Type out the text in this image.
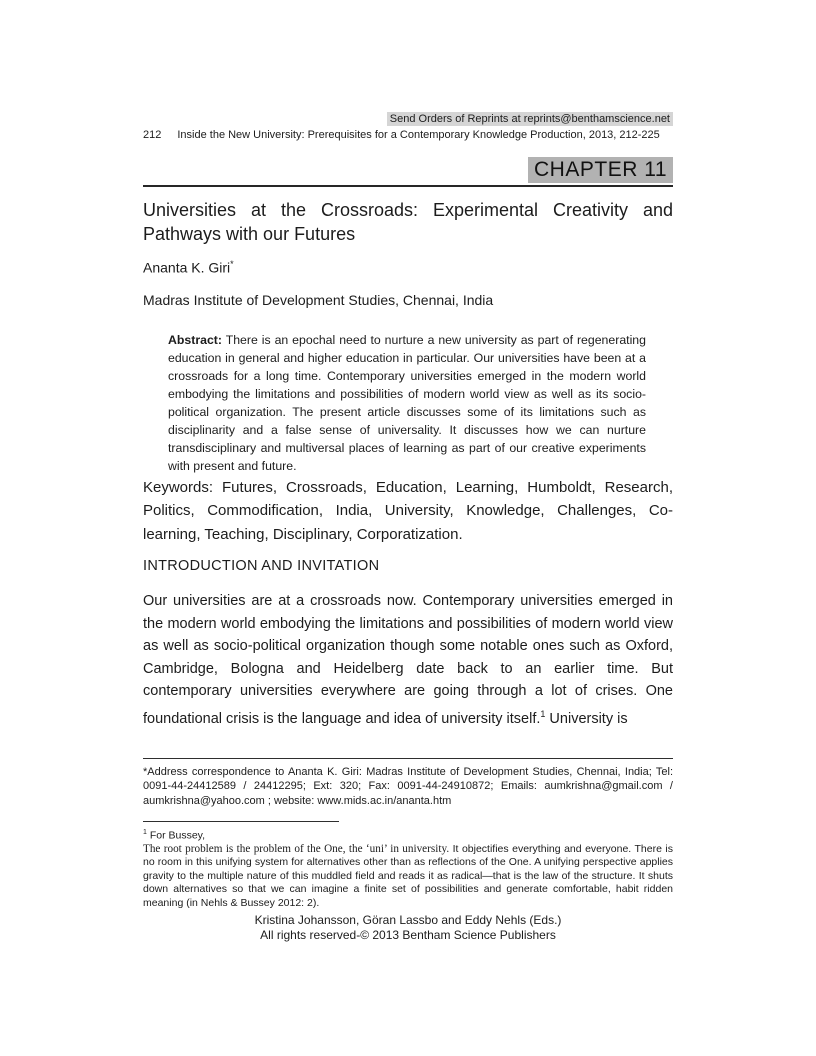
Send Orders of Reprints at reprints@benthamscience.net
212 Inside the New University: Prerequisites for a Contemporary Knowledge Production, 2013, 212-225
CHAPTER 11
Universities at the Crossroads: Experimental Creativity and Pathways with our Futures
Ananta K. Giri*
Madras Institute of Development Studies, Chennai, India
Abstract: There is an epochal need to nurture a new university as part of regenerating education in general and higher education in particular. Our universities have been at a crossroads for a long time. Contemporary universities emerged in the modern world embodying the limitations and possibilities of modern world view as well as its socio-political organization. The present article discusses some of its limitations such as disciplinarity and a false sense of universality. It discusses how we can nurture transdisciplinary and multiversal places of learning as part of our creative experiments with present and future.
Keywords: Futures, Crossroads, Education, Learning, Humboldt, Research, Politics, Commodification, India, University, Knowledge, Challenges, Co-learning, Teaching, Disciplinary, Corporatization.
INTRODUCTION AND INVITATION
Our universities are at a crossroads now. Contemporary universities emerged in the modern world embodying the limitations and possibilities of modern world view as well as socio-political organization though some notable ones such as Oxford, Cambridge, Bologna and Heidelberg date back to an earlier time. But contemporary universities everywhere are going through a lot of crises. One foundational crisis is the language and idea of university itself.$^1$ University is
*Address correspondence to Ananta K. Giri: Madras Institute of Development Studies, Chennai, India; Tel: 0091-44-24412589 / 24412295; Ext: 320; Fax: 0091-44-24910872; Emails: aumkrishna@gmail.com / aumkrishna@yahoo.com ; website: www.mids.ac.in/ananta.htm
$^1$ For Bussey,
The root problem is the problem of the One, the ‘uni’ in university. It objectifies everything and everyone. There is no room in this unifying system for alternatives other than as reflections of the One. A unifying perspective applies gravity to the multiple nature of this muddled field and reads it as radical—that is the law of the structure. It shuts down alternatives so that we can imagine a finite set of possibilities and generate comfortable, habit ridden meaning (in Nehls & Bussey 2012: 2).
Kristina Johansson, Göran Lassbo and Eddy Nehls (Eds.)
All rights reserved-© 2013 Bentham Science Publishers
